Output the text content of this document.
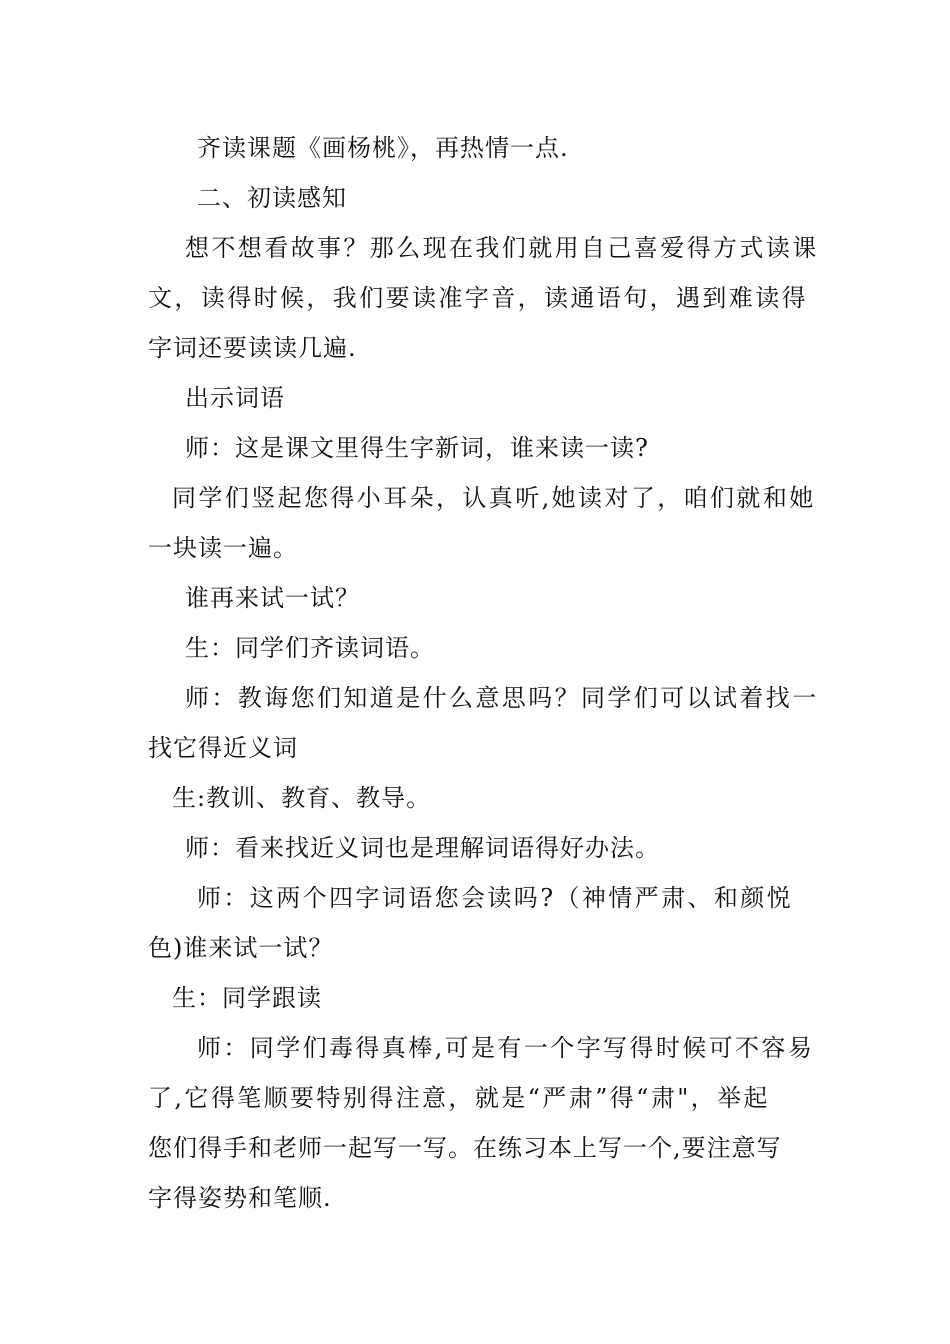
齐读课题《画杨桃》，再热情一点.
二、初读感知
想不想看故事？那么现在我们就用自己喜爱得方式读课
文，读得时候，我们要读准字音，读通语句，遇到难读得
字词还要读读几遍.
出示词语
师：这是课文里得生字新词，谁来读一读?
同学们竖起您得小耳朵，认真听,她读对了，咱们就和她
一块读一遍。
谁再来试一试？
生：同学们齐读词语。
师：教诲您们知道是什么意思吗？同学们可以试着找一
找它得近义词
生:教训、教育、教导。
师：看来找近义词也是理解词语得好办法。
师：这两个四字词语您会读吗?（神情严肃、和颜悦
色)谁来试一试？
生：同学跟读
师：同学们毒得真棒,可是有一个字写得时候可不容易
了,它得笔顺要特别得注意，就是“严肃”得“肃"，举起
您们得手和老师一起写一写。在练习本上写一个,要注意写
字得姿势和笔顺.
